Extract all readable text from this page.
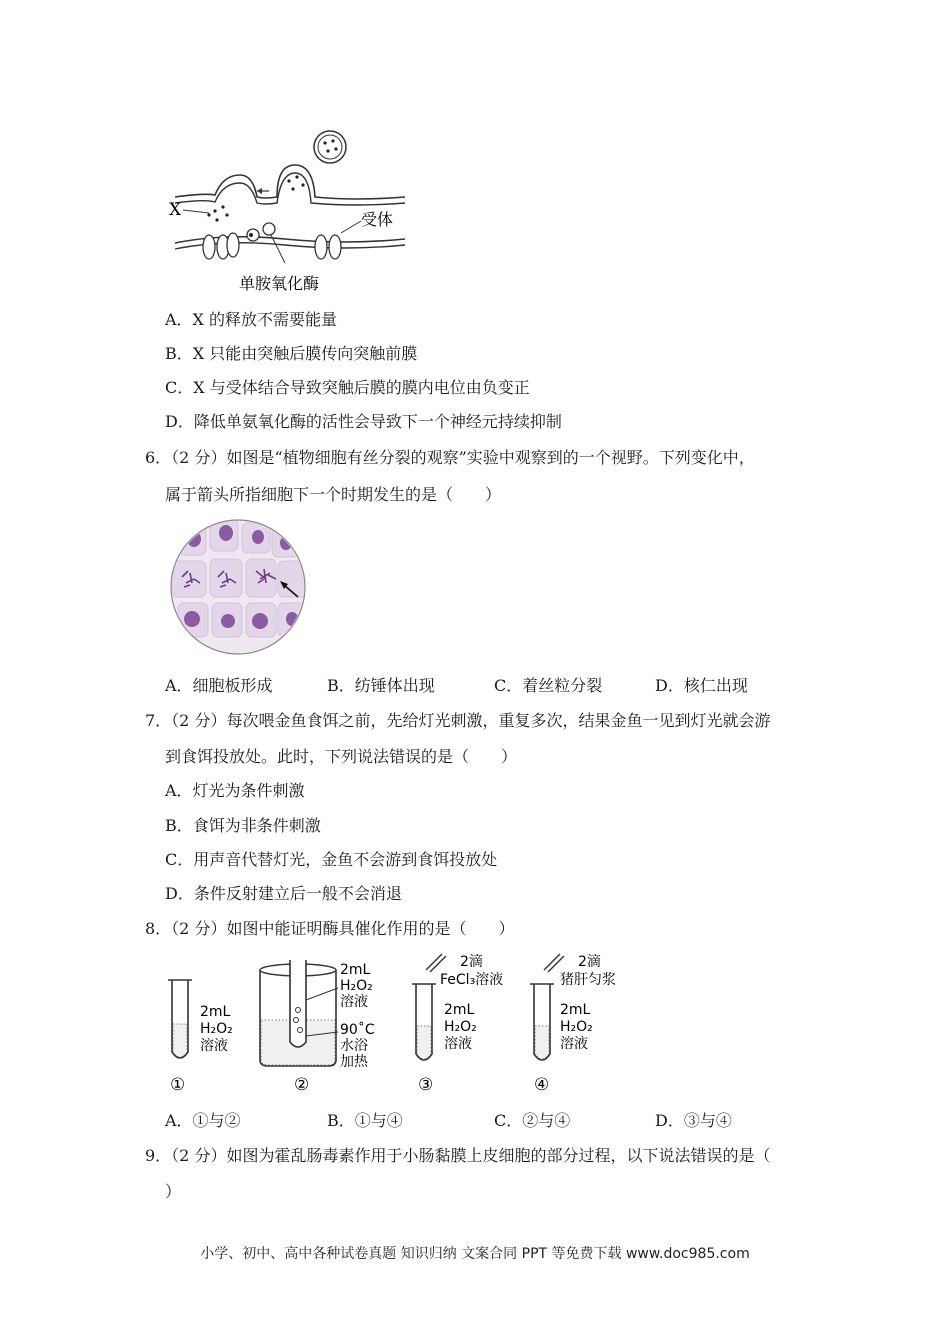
X	受体
单胺氧化酶
A．X 的释放不需要能量
B．X 只能由突触后膜传向突触前膜
C．X 与受体结合导致突触后膜的膜内电位由负变正
D．降低单氨氧化酶的活性会导致下一个神经元持续抑制
6．（2 分）如图是“植物细胞有丝分裂的观察”实验中观察到的一个视野。下列变化中，
属于箭头所指细胞下一个时期发生的是（　　）
A．细胞板形成	B．纺锤体出现	C．着丝粒分裂	D．核仁出现
7．（2 分）每次喂金鱼食饵之前，先给灯光刺激，重复多次，结果金鱼一见到灯光就会游
到食饵投放处。此时，下列说法错误的是（　　）
A．灯光为条件刺激
B．食饵为非条件刺激
C．用声音代替灯光，金鱼不会游到食饵投放处
D．条件反射建立后一般不会消退
8．（2 分）如图中能证明酶具催化作用的是（　　）
2mL
H₂O₂
溶液
①
2mL
H₂O₂
溶液
90˚C
水浴
加热
②
2滴
FeCl₃溶液
2mL
H₂O₂
溶液
③
2滴
猪肝匀浆
2mL
H₂O₂
溶液
④
A．①与②	B．①与④	C．②与④	D．③与④
9．（2 分）如图为霍乱肠毒素作用于小肠黏膜上皮细胞的部分过程，以下说法错误的是（
）
小学、初中、高中各种试卷真题 知识归纳 文案合同 PPT 等免费下载 www.doc985.com
